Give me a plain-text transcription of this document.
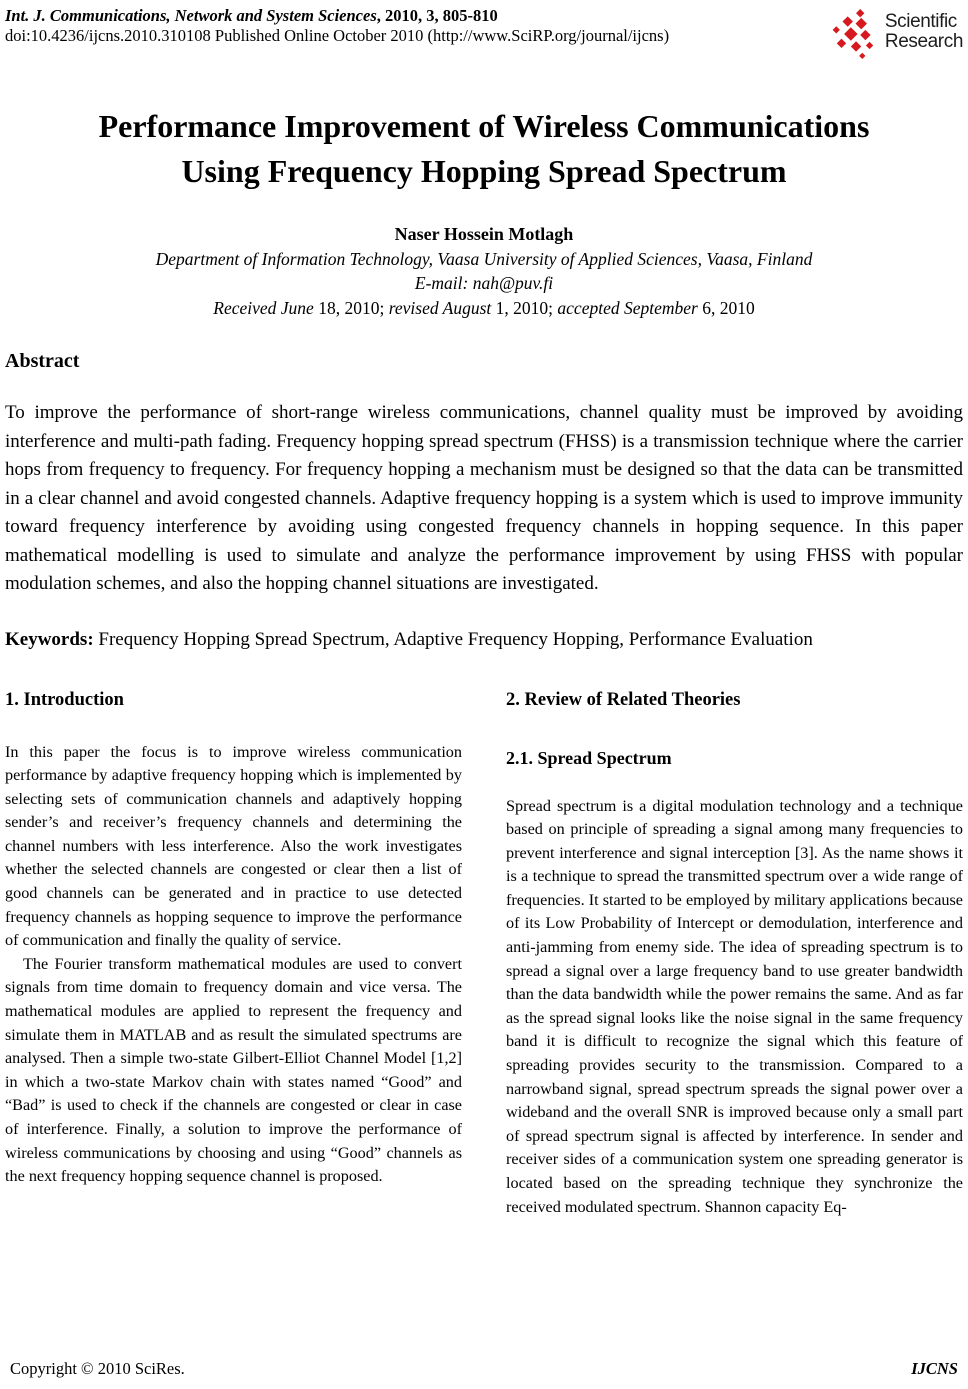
Int. J. Communications, Network and System Sciences, 2010, 3, 805-810
doi:10.4236/ijcns.2010.310108 Published Online October 2010 (http://www.SciRP.org/journal/ijcns)
Scientific
Research
Performance Improvement of Wireless Communications
Using Frequency Hopping Spread Spectrum
Naser Hossein Motlagh
Department of Information Technology, Vaasa University of Applied Sciences, Vaasa, Finland
E-mail: nah@puv.fi
Received June 18, 2010; revised August 1, 2010; accepted September 6, 2010
Abstract

To improve the performance of short-range wireless communications, channel quality must be improved by avoiding interference and multi-path fading. Frequency hopping spread spectrum (FHSS) is a transmission technique where the carrier hops from frequency to frequency. For frequency hopping a mechanism must be designed so that the data can be transmitted in a clear channel and avoid congested channels. Adaptive frequency hopping is a system which is used to improve immunity toward frequency interference by avoiding using congested frequency channels in hopping sequence. In this paper mathematical modelling is used to simulate and analyze the performance improvement by using FHSS with popular modulation schemes, and also the hopping channel situations are investigated.

Keywords: Frequency Hopping Spread Spectrum, Adaptive Frequency Hopping, Performance Evaluation

1. Introduction

In this paper the focus is to improve wireless communication performance by adaptive frequency hopping which is implemented by selecting sets of communication channels and adaptively hopping sender’s and receiver’s frequency channels and determining the channel numbers with less interference. Also the work investigates whether the selected channels are congested or clear then a list of good channels can be generated and in practice to use detected frequency channels as hopping sequence to improve the performance of communication and finally the quality of service.

The Fourier transform mathematical modules are used to convert signals from time domain to frequency domain and vice versa. The mathematical modules are applied to represent the frequency and simulate them in MATLAB and as result the simulated spectrums are analysed. Then a simple two-state Gilbert-Elliot Channel Model [1,2] in which a two-state Markov chain with states named “Good” and “Bad” is used to check if the channels are congested or clear in case of interference. Finally, a solution to improve the performance of wireless communications by choosing and using “Good” channels as the next frequency hopping sequence channel is proposed.

2. Review of Related Theories
2.1. Spread Spectrum

Spread spectrum is a digital modulation technology and a technique based on principle of spreading a signal among many frequencies to prevent interference and signal interception [3]. As the name shows it is a technique to spread the transmitted spectrum over a wide range of frequencies. It started to be employed by military applications because of its Low Probability of Intercept or demodulation, interference and anti-jamming from enemy side. The idea of spreading spectrum is to spread a signal over a large frequency band to use greater bandwidth than the data bandwidth while the power remains the same. And as far as the spread signal looks like the noise signal in the same frequency band it is difficult to recognize the signal which this feature of spreading provides security to the transmission. Compared to a narrowband signal, spread spectrum spreads the signal power over a wideband and the overall SNR is improved because only a small part of spread spectrum signal is affected by interference. In sender and receiver sides of a communication system one spreading generator is located based on the spreading technique they synchronize the received modulated spectrum. Shannon capacity Eq-

Copyright © 2010 SciRes.	IJCNS
